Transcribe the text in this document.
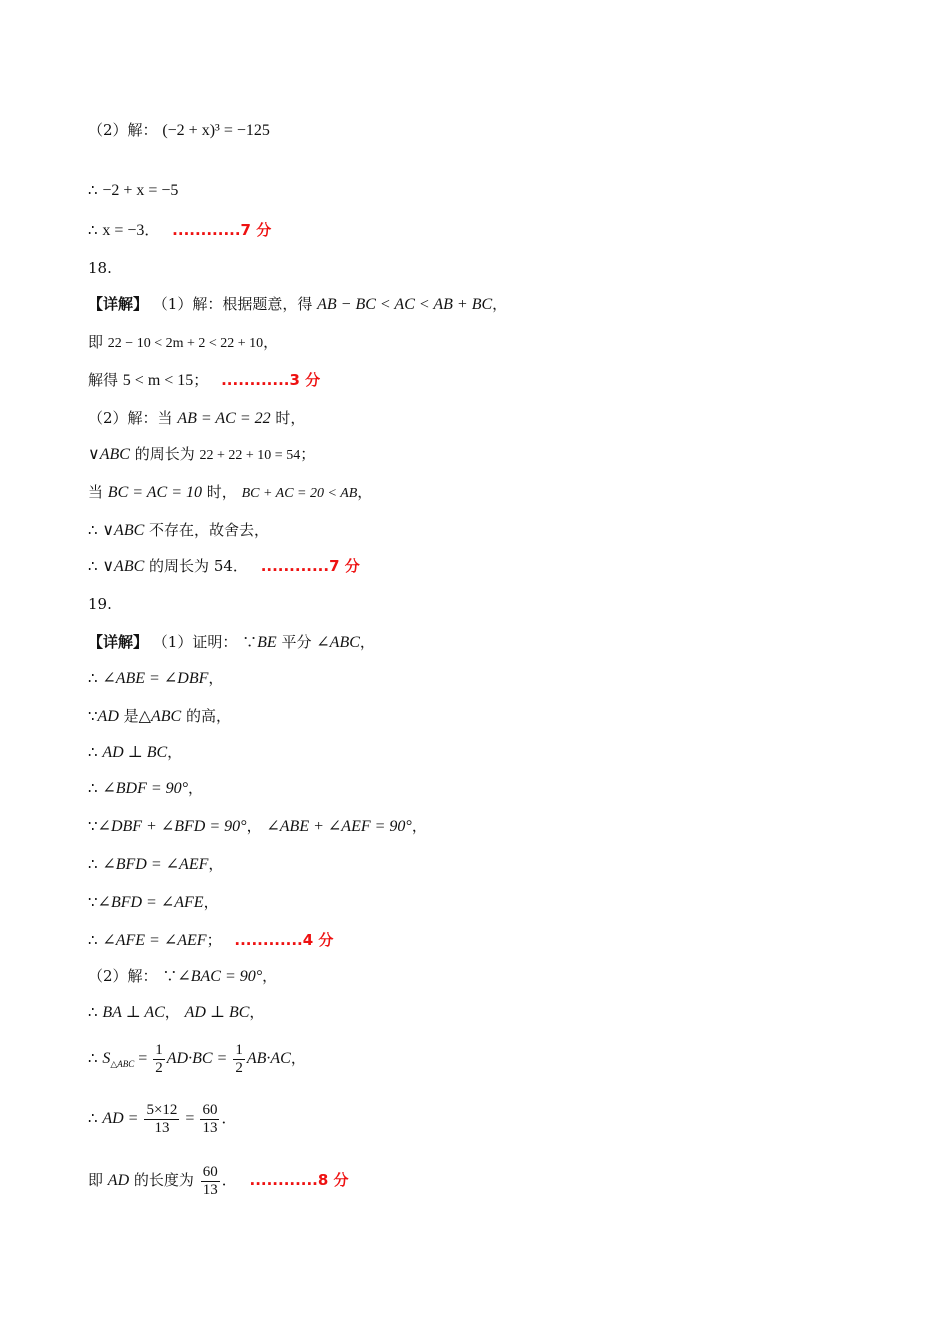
（2）解： (−2 + x)³ = −125
∴ −2 + x = −5
∴ x = −3． ............7 分
18.
【详解】 （1）解：根据题意，得 AB − BC < AC < AB + BC，
即 22 − 10 < 2m + 2 < 22 + 10，
解得 5 < m < 15； ............3 分
（2）解：当 AB = AC = 22 时，
∨ABC 的周长为 22 + 22 + 10 = 54；
当 BC = AC = 10 时， BC + AC = 20 < AB，
∴ ∨ABC 不存在，故舍去，
∴ ∨ABC 的周长为 54． ............7 分
19.
【详解】 （1）证明： ∵BE 平分 ∠ABC，
∴ ∠ABE = ∠DBF，
∵AD 是△ABC 的高，
∴ AD ⊥ BC，
∴ ∠BDF = 90°，
∵∠DBF + ∠BFD = 90°， ∠ABE + ∠AEF = 90°，
∴ ∠BFD = ∠AEF，
∵∠BFD = ∠AFE，
∴ ∠AFE = ∠AEF； ............4 分
（2）解： ∵∠BAC = 90°，
∴ BA ⊥ AC， AD ⊥ BC，
∴ $S_{\triangle ABC} = \frac{1}{2} AD\cdot BC = \frac{1}{2} AB\cdot AC$，
∴ AD = $\frac{5\times 12}{13} = \frac{60}{13}$ ．
即 AD 的长度为 $\frac{60}{13}$ ． ............8 分
